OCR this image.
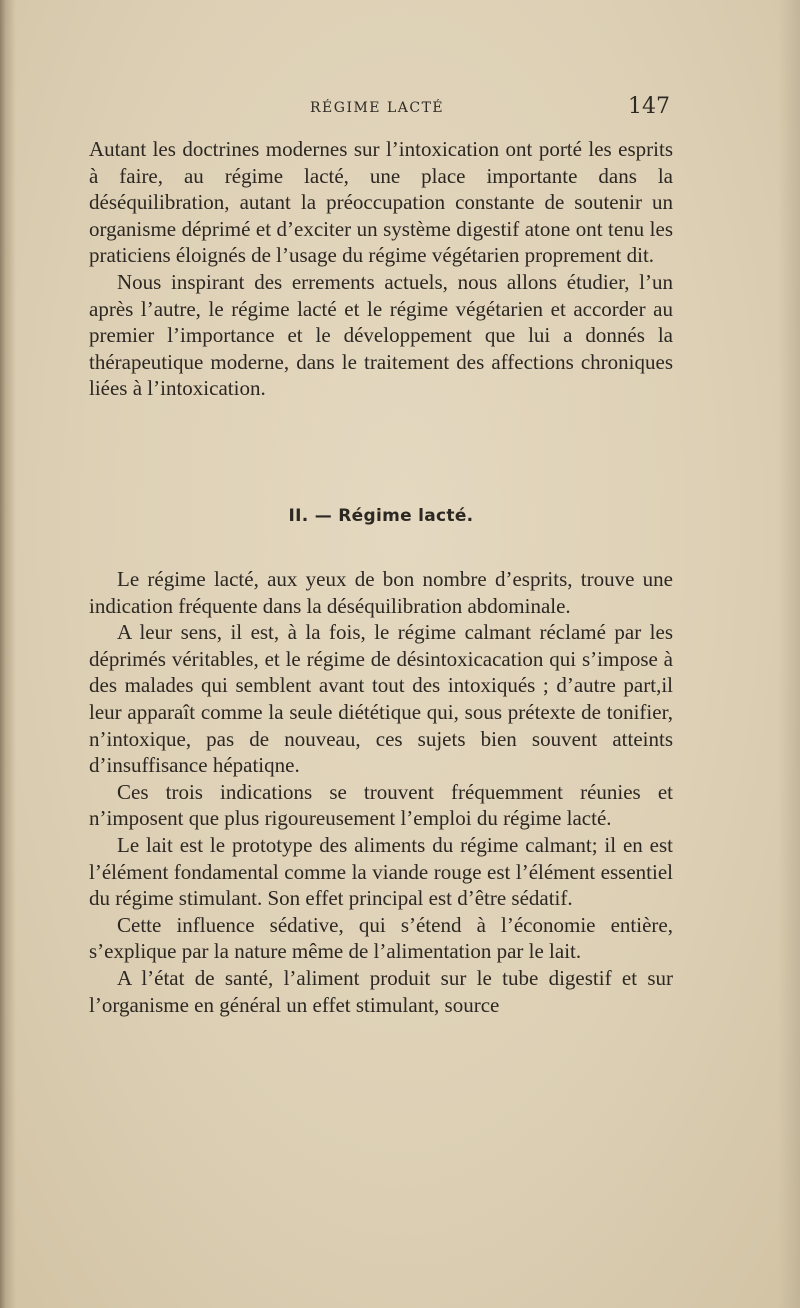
RÉGIME LACTÉ	147

Autant les doctrines modernes sur l’intoxication ont porté les esprits à faire, au régime lacté, une place importante dans la déséquilibration, autant la préoccupation constante de soutenir un organisme déprimé et d’exciter un système digestif atone ont tenu les praticiens éloignés de l’usage du régime végétarien proprement dit.

Nous inspirant des errements actuels, nous allons étudier, l’un après l’autre, le régime lacté et le régime végétarien et accorder au premier l’importance et le développement que lui a donnés la thérapeutique moderne, dans le traitement des affections chroniques liées à l’intoxication.

II. — Régime lacté.

Le régime lacté, aux yeux de bon nombre d’esprits, trouve une indication fréquente dans la déséquilibration abdominale.

A leur sens, il est, à la fois, le régime calmant réclamé par les déprimés véritables, et le régime de désintoxicacation qui s’impose à des malades qui semblent avant tout des intoxiqués ; d’autre part,il leur apparaît comme la seule diététique qui, sous prétexte de tonifier, n’intoxique, pas de nouveau, ces sujets bien souvent atteints d’insuffisance hépatiqne.

Ces trois indications se trouvent fréquemment réunies et n’imposent que plus rigoureusement l’emploi du régime lacté.

Le lait est le prototype des aliments du régime calmant; il en est l’élément fondamental comme la viande rouge est l’élément essentiel du régime stimulant. Son effet principal est d’être sédatif.

Cette influence sédative, qui s’étend à l’économie entière, s’explique par la nature même de l’alimentation par le lait.

A l’état de santé, l’aliment produit sur le tube digestif et sur l’organisme en général un effet stimulant, source
